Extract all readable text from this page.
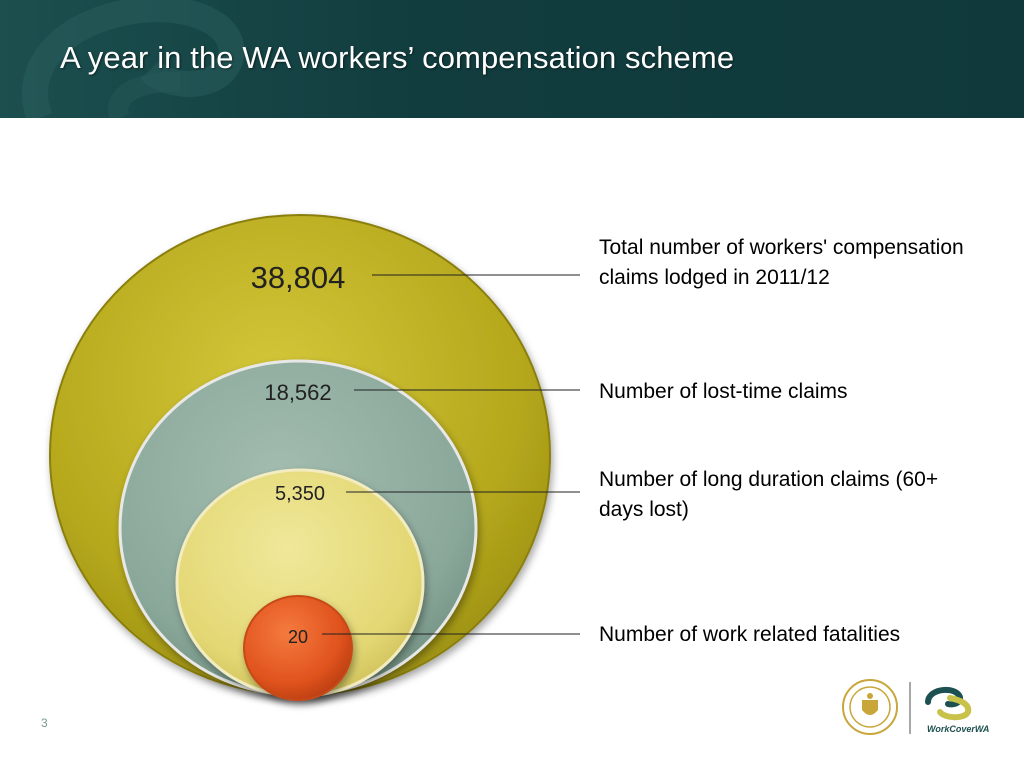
A year in the WA workers’ compensation scheme
38,804
18,562
5,350
20
Total number of workers' compensation claims lodged in 2011/12
Number of lost-time claims
Number of long duration claims (60+ days lost)
Number of work related fatalities
3	WorkCoverWA
